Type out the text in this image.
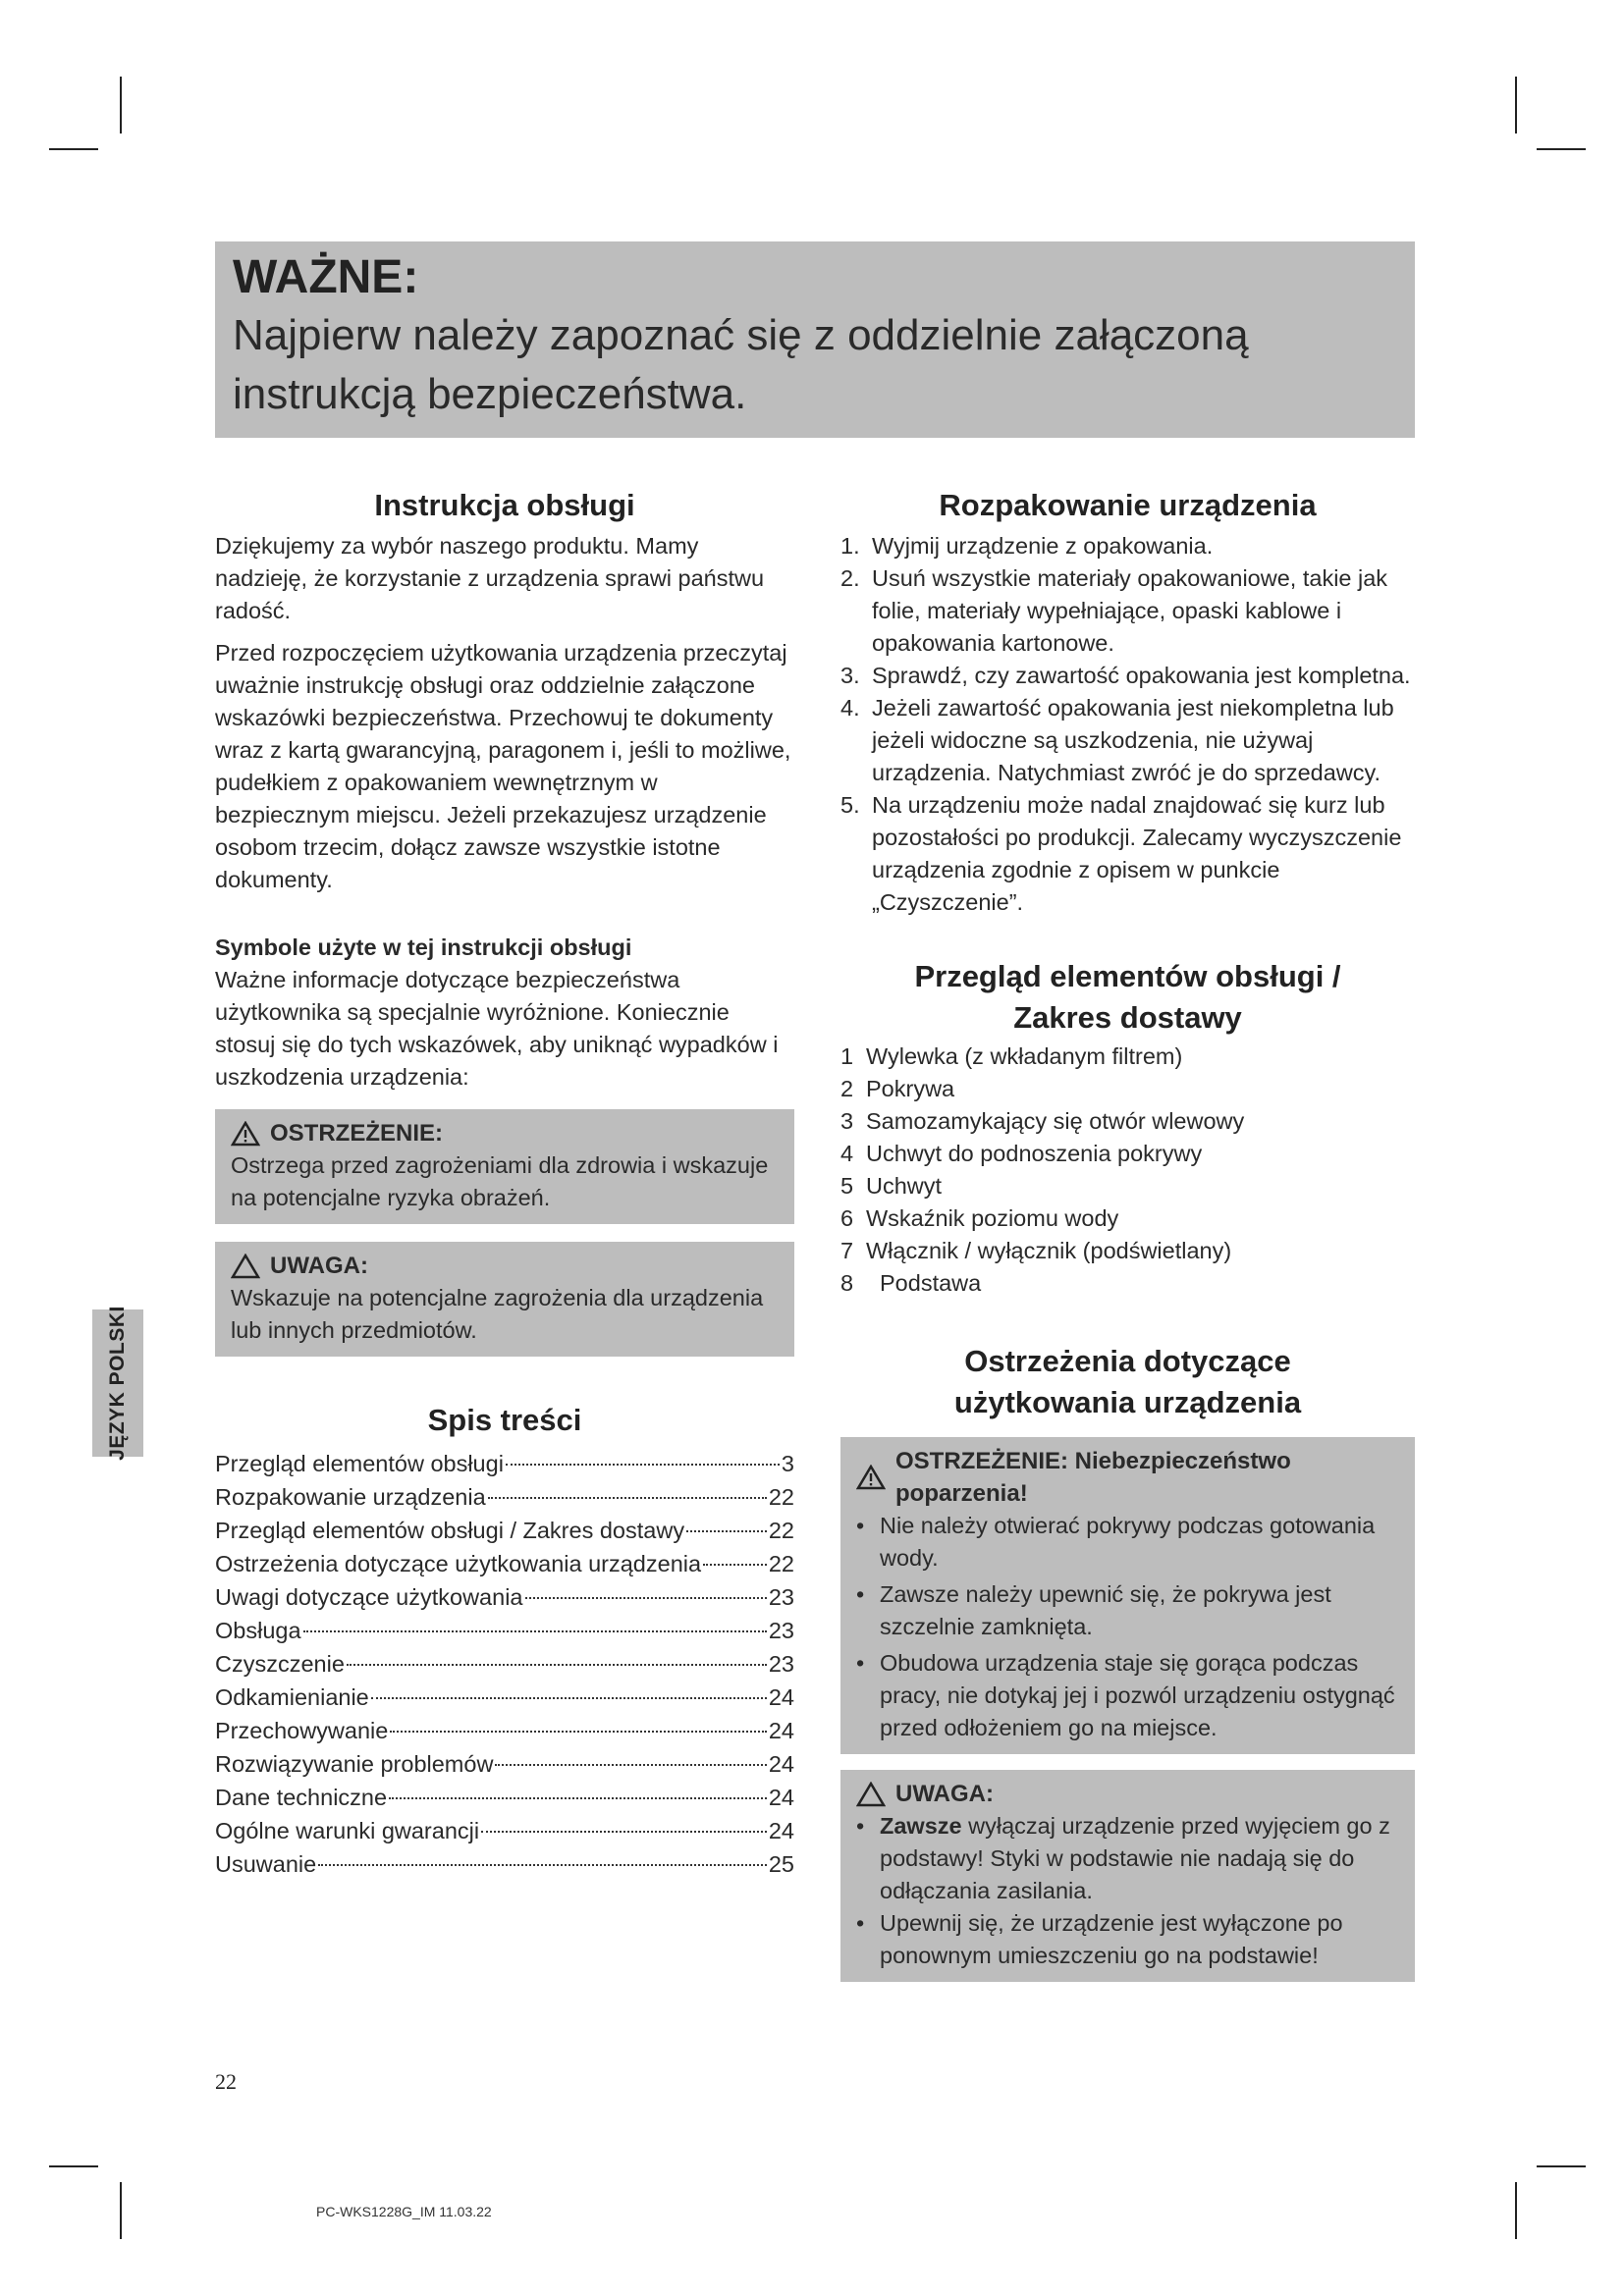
WAŻNE:
Najpierw należy zapoznać się z oddzielnie załączoną instrukcją bezpieczeństwa.
Instrukcja obsługi

Dziękujemy za wybór naszego produktu. Mamy nadzieję, że korzystanie z urządzenia sprawi państwu radość.

Przed rozpoczęciem użytkowania urządzenia przeczytaj uważnie instrukcję obsługi oraz oddzielnie załączone wskazówki bezpieczeństwa. Przechowuj te dokumenty wraz z kartą gwarancyjną, paragonem i, jeśli to możliwe, pudełkiem z opakowaniem wewnętrznym w bezpiecznym miejscu. Jeżeli przekazujesz urządzenie osobom trzecim, dołącz zawsze wszystkie istotne dokumenty.

Symbole użyte w tej instrukcji obsługi

Ważne informacje dotyczące bezpieczeństwa użytkownika są specjalnie wyróżnione. Koniecznie stosuj się do tych wskazówek, aby uniknąć wypadków i uszkodzenia urządzenia:

OSTRZEŻENIE:

Ostrzega przed zagrożeniami dla zdrowia i wskazuje na potencjalne ryzyka obrażeń.

UWAGA:

Wskazuje na potencjalne zagrożenia dla urządzenia lub innych przedmiotów.

Spis treści
Przegląd elementów obsługi	3
Rozpakowanie urządzenia	22
Przegląd elementów obsługi / Zakres dostawy	22
Ostrzeżenia dotyczące użytkowania urządzenia	22
Uwagi dotyczące użytkowania	23
Obsługa	23
Czyszczenie	23
Odkamienianie	24
Przechowywanie	24
Rozwiązywanie problemów	24
Dane techniczne	24
Ogólne warunki gwarancji	24
Usuwanie	25
Rozpakowanie urządzenia
1. Wyjmij urządzenie z opakowania.
2. Usuń wszystkie materiały opakowaniowe, takie jak folie, materiały wypełniające, opaski kablowe i opakowania kartonowe.
3. Sprawdź, czy zawartość opakowania jest kompletna.
4. Jeżeli zawartość opakowania jest niekompletna lub jeżeli widoczne są uszkodzenia, nie używaj urządzenia. Natychmiast zwróć je do sprzedawcy.
5. Na urządzeniu może nadal znajdować się kurz lub pozostałości po produkcji. Zalecamy wyczyszczenie urządzenia zgodnie z opisem w punkcie „Czyszczenie”.
Przegląd elementów obsługi /
Zakres dostawy
1 Wylewka (z wkładanym filtrem)
2 Pokrywa
3 Samozamykający się otwór wlewowy
4 Uchwyt do podnoszenia pokrywy
5 Uchwyt
6 Wskaźnik poziomu wody
7 Włącznik / wyłącznik (podświetlany)
8	Podstawa
Ostrzeżenia dotyczące
użytkowania urządzenia
OSTRZEŻENIE: Niebezpieczeństwo poparzenia!
• Nie należy otwierać pokrywy podczas gotowania wody.
• Zawsze należy upewnić się, że pokrywa jest szczelnie zamknięta.
• Obudowa urządzenia staje się gorąca podczas pracy, nie dotykaj jej i pozwól urządzeniu ostygnąć przed odłożeniem go na miejsce.
UWAGA:
• Zawsze wyłączaj urządzenie przed wyjęciem go z podstawy! Styki w podstawie nie nadają się do odłączania zasilania.
• Upewnij się, że urządzenie jest wyłączone po ponownym umieszczeniu go na podstawie!
JĘZYK POLSKI
22
PC-WKS1228G_IM 11.03.22
